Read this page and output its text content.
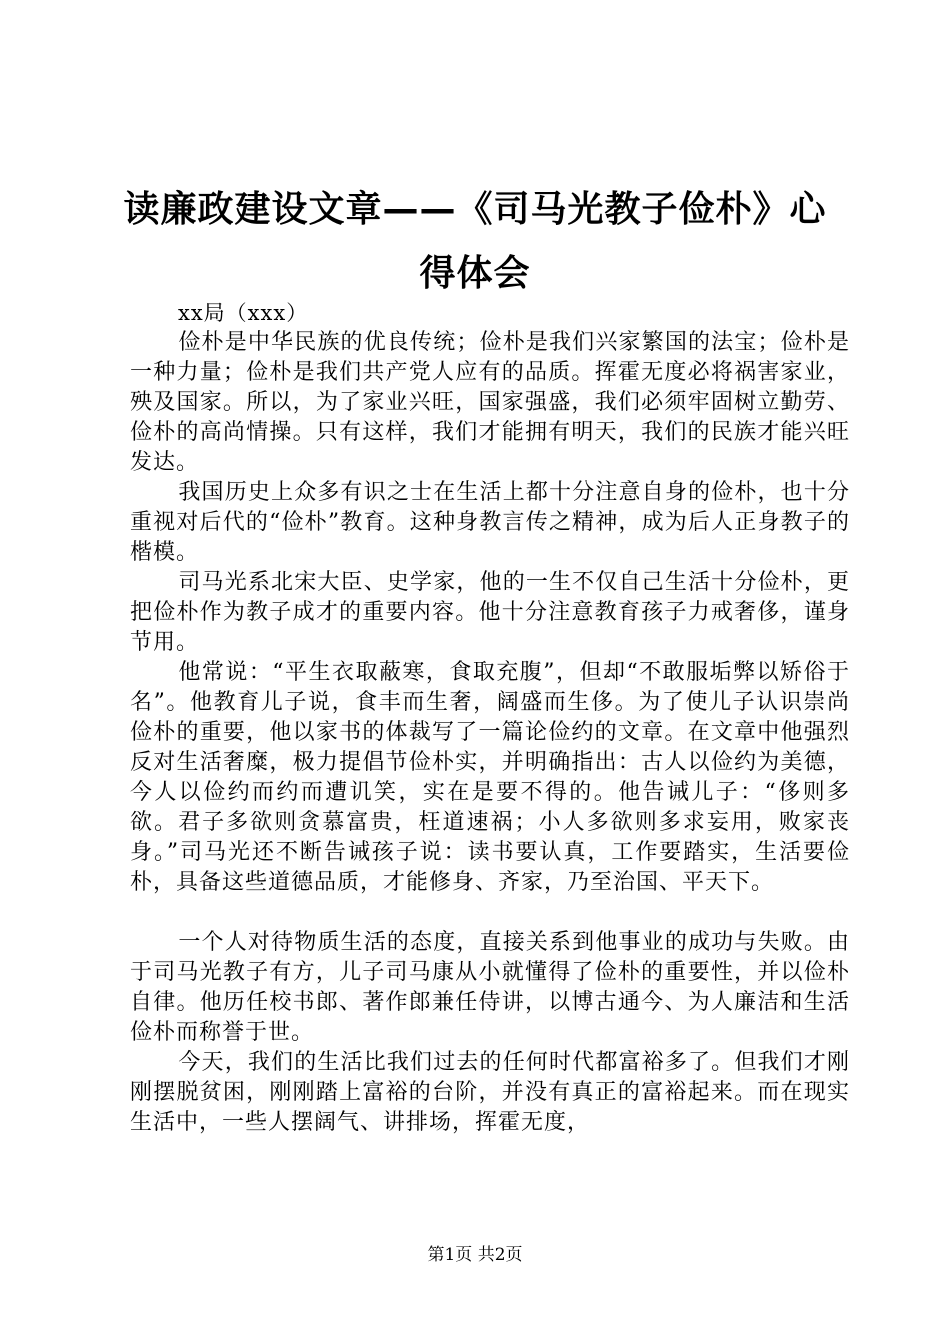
读廉政建设文章——《司马光教子俭朴》心得体会

xx局（xxx）

俭朴是中华民族的优良传统；俭朴是我们兴家繁国的法宝；俭朴是一种力量；俭朴是我们共产党人应有的品质。挥霍无度必将祸害家业，殃及国家。所以，为了家业兴旺，国家强盛，我们必须牢固树立勤劳、俭朴的高尚情操。只有这样，我们才能拥有明天，我们的民族才能兴旺发达。

我国历史上众多有识之士在生活上都十分注意自身的俭朴，也十分重视对后代的“俭朴”教育。这种身教言传之精神，成为后人正身教子的楷模。

司马光系北宋大臣、史学家，他的一生不仅自己生活十分俭朴，更把俭朴作为教子成才的重要内容。他十分注意教育孩子力戒奢侈，谨身节用。

他常说：“平生衣取蔽寒，食取充腹”，但却“不敢服垢弊以矫俗于名”。他教育儿子说，食丰而生奢，阔盛而生侈。为了使儿子认识崇尚俭朴的重要，他以家书的体裁写了一篇论俭约的文章。在文章中他强烈反对生活奢糜，极力提倡节俭朴实，并明确指出：古人以俭约为美德，今人以俭约而约而遭讥笑，实在是要不得的。他告诫儿子：“侈则多欲。君子多欲则贪慕富贵，枉道速祸；小人多欲则多求妄用，败家丧身。”司马光还不断告诫孩子说：读书要认真，工作要踏实，生活要俭朴，具备这些道德品质，才能修身、齐家，乃至治国、平天下。

一个人对待物质生活的态度，直接关系到他事业的成功与失败。由于司马光教子有方，儿子司马康从小就懂得了俭朴的重要性，并以俭朴自律。他历任校书郎、著作郎兼任侍讲，以博古通今、为人廉洁和生活俭朴而称誉于世。

今天，我们的生活比我们过去的任何时代都富裕多了。但我们才刚刚摆脱贫困，刚刚踏上富裕的台阶，并没有真正的富裕起来。而在现实生活中，一些人摆阔气、讲排场，挥霍无度，

第1页 共2页
